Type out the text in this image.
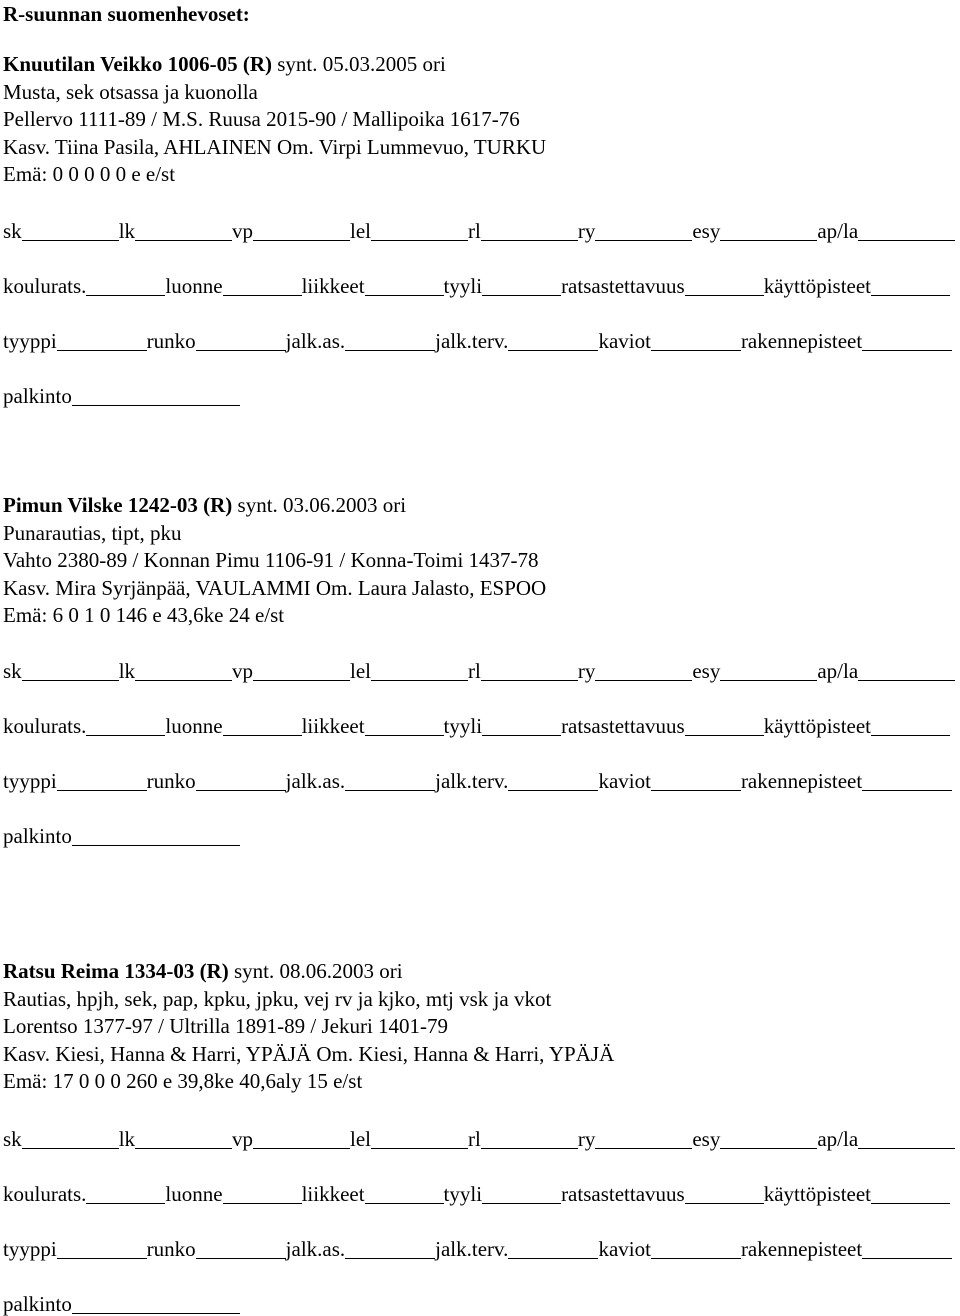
R-suunnan suomenhevoset:
Knuutilan Veikko 1006-05 (R) synt. 05.03.2005 ori
Musta, sek otsassa ja kuonolla
Pellervo 1111-89 / M.S. Ruusa 2015-90 / Mallipoika 1617-76
Kasv. Tiina Pasila, AHLAINEN Om. Virpi Lummevuo, TURKU
Emä: 0 0 0 0 0 e e/st
sk	lk	vp	lel	rl	ry	esy	ap/la
koulurats.	luonne	liikkeet	tyyli	ratsastettavuus	käyttöpisteet
tyyppi	runko	jalk.as.	jalk.terv.	kaviot	rakennepisteet
palkinto
Pimun Vilske 1242-03 (R) synt. 03.06.2003 ori
Punarautias, tipt, pku
Vahto 2380-89 / Konnan Pimu 1106-91 / Konna-Toimi 1437-78
Kasv. Mira Syrjänpää, VAULAMMI Om. Laura Jalasto, ESPOO
Emä: 6 0 1 0 146 e 43,6ke 24 e/st
sk	lk	vp	lel	rl	ry	esy	ap/la
koulurats.	luonne	liikkeet	tyyli	ratsastettavuus	käyttöpisteet
tyyppi	runko	jalk.as.	jalk.terv.	kaviot	rakennepisteet
palkinto
Ratsu Reima 1334-03 (R) synt. 08.06.2003 ori
Rautias, hpjh, sek, pap, kpku, jpku, vej rv ja kjko, mtj vsk ja vkot
Lorentso 1377-97 / Ultrilla 1891-89 / Jekuri 1401-79
Kasv. Kiesi, Hanna & Harri, YPÄJÄ Om. Kiesi, Hanna & Harri, YPÄJÄ
Emä: 17 0 0 0 260 e 39,8ke 40,6aly 15 e/st
sk	lk	vp	lel	rl	ry	esy	ap/la
koulurats.	luonne	liikkeet	tyyli	ratsastettavuus	käyttöpisteet
tyyppi	runko	jalk.as.	jalk.terv.	kaviot	rakennepisteet
palkinto
